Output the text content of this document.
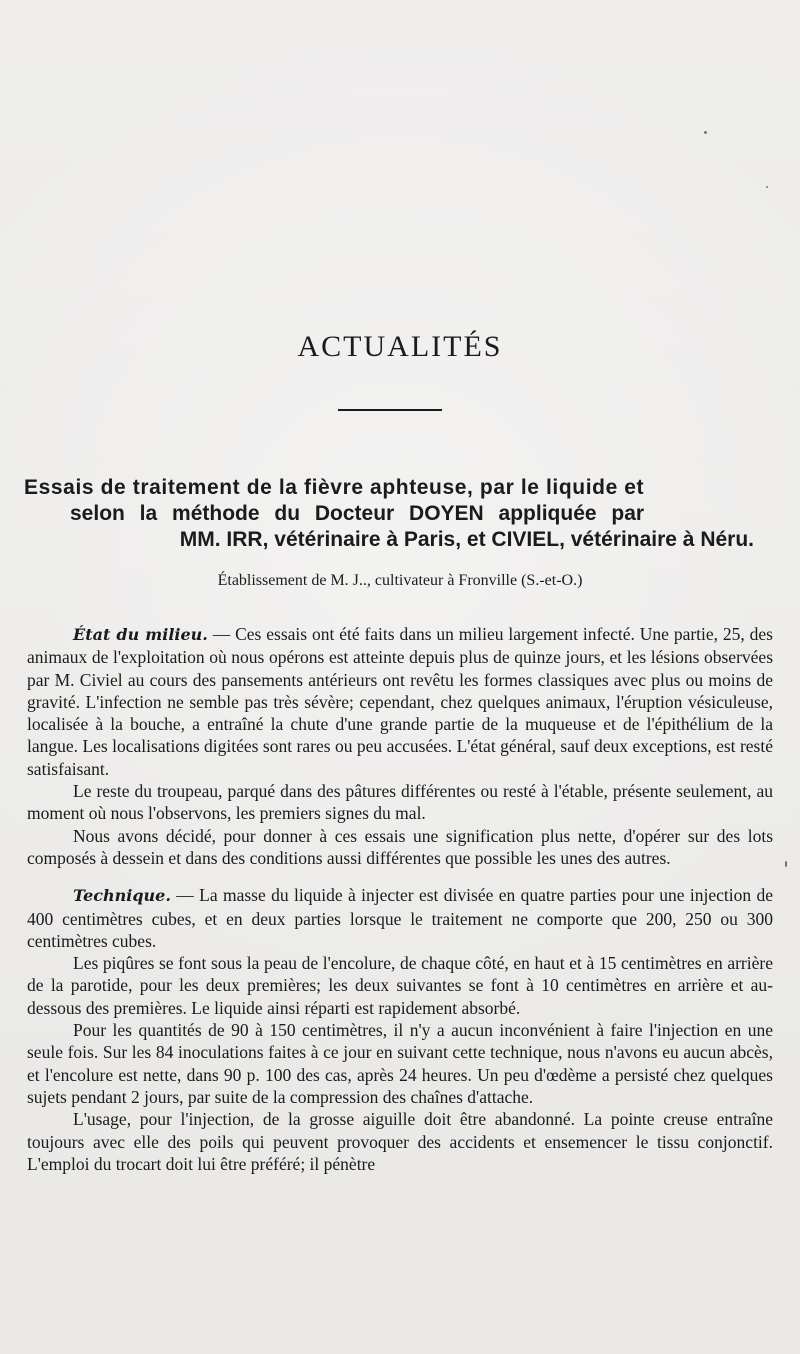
ACTUALITÉS
Essais de traitement de la fièvre aphteuse, par le liquide et
selon la méthode du Docteur DOYEN appliquée par
MM. IRR, vétérinaire à Paris, et CIVIEL, vétérinaire à Néru.
Établissement de M. J.., cultivateur à Fronville (S.-et-O.)

État du milieu. — Ces essais ont été faits dans un milieu largement infecté. Une partie, 25, des animaux de l'exploitation où nous opérons est atteinte depuis plus de quinze jours, et les lésions observées par M. Civiel au cours des pansements antérieurs ont revêtu les formes classiques avec plus ou moins de gravité. L'infection ne semble pas très sévère; cependant, chez quelques animaux, l'éruption vésiculeuse, localisée à la bouche, a entraîné la chute d'une grande partie de la muqueuse et de l'épithélium de la langue. Les localisations digitées sont rares ou peu accusées. L'état général, sauf deux exceptions, est resté satisfaisant.

Le reste du troupeau, parqué dans des pâtures différentes ou resté à l'étable, présente seulement, au moment où nous l'observons, les premiers signes du mal.

Nous avons décidé, pour donner à ces essais une signification plus nette, d'opérer sur des lots composés à dessein et dans des conditions aussi différentes que possible les unes des autres.

Technique. — La masse du liquide à injecter est divisée en quatre parties pour une injection de 400 centimètres cubes, et en deux parties lorsque le traitement ne comporte que 200, 250 ou 300 centimètres cubes.

Les piqûres se font sous la peau de l'encolure, de chaque côté, en haut et à 15 centimètres en arrière de la parotide, pour les deux premières; les deux suivantes se font à 10 centimètres en arrière et au-dessous des premières. Le liquide ainsi réparti est rapidement absorbé.

Pour les quantités de 90 à 150 centimètres, il n'y a aucun inconvénient à faire l'injection en une seule fois. Sur les 84 inoculations faites à ce jour en suivant cette technique, nous n'avons eu aucun abcès, et l'encolure est nette, dans 90 p. 100 des cas, après 24 heures. Un peu d'œdème a persisté chez quelques sujets pendant 2 jours, par suite de la compression des chaînes d'attache.

L'usage, pour l'injection, de la grosse aiguille doit être abandonné. La pointe creuse entraîne toujours avec elle des poils qui peuvent provoquer des accidents et ensemencer le tissu conjonctif. L'emploi du trocart doit lui être préféré; il pénètre
